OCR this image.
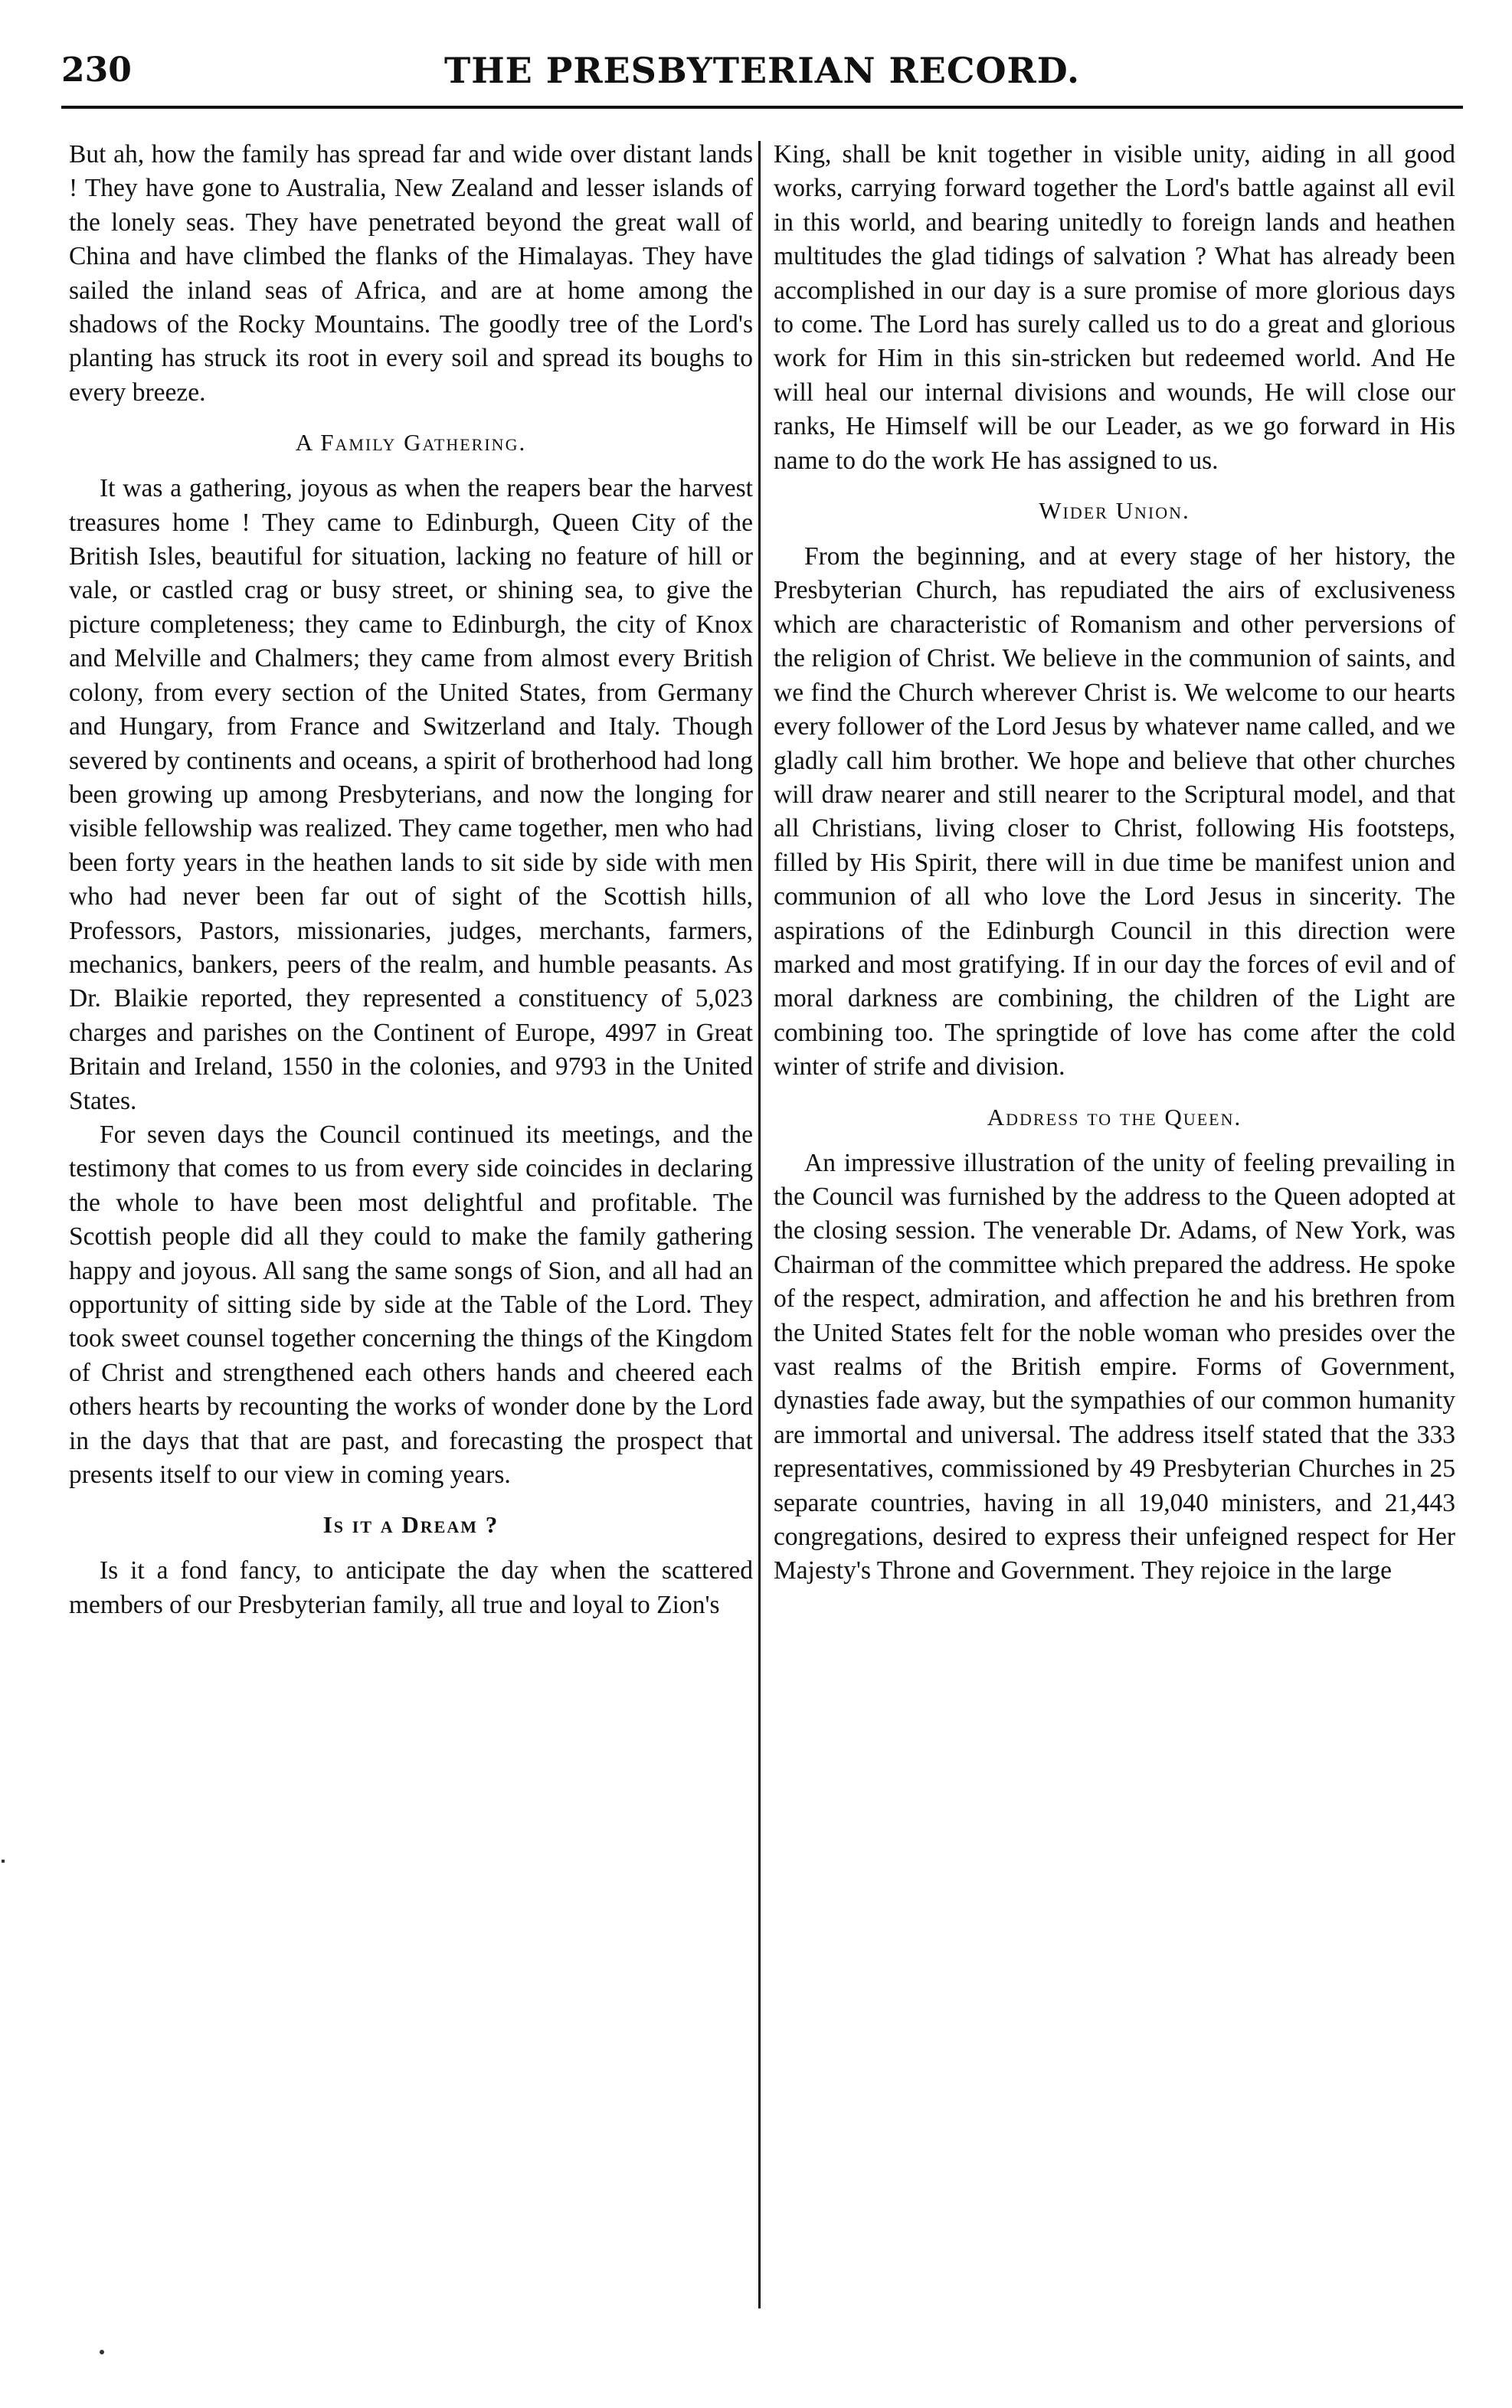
230	THE PRESBYTERIAN RECORD.

But ah, how the family has spread far and wide over distant lands ! They have gone to Australia, New Zealand and lesser islands of the lonely seas. They have penetrated beyond the great wall of China and have climbed the flanks of the Himalayas. They have sailed the inland seas of Africa, and are at home among the shadows of the Rocky Mountains. The goodly tree of the Lord's planting has struck its root in every soil and spread its boughs to every breeze.

A Family Gathering.

It was a gathering, joyous as when the reapers bear the harvest treasures home ! They came to Edinburgh, Queen City of the British Isles, beautiful for situation, lacking no feature of hill or vale, or castled crag or busy street, or shining sea, to give the picture completeness; they came to Edinburgh, the city of Knox and Melville and Chalmers; they came from almost every British colony, from every section of the United States, from Germany and Hungary, from France and Switzerland and Italy. Though severed by continents and oceans, a spirit of brotherhood had long been growing up among Presbyterians, and now the longing for visible fellowship was realized. They came together, men who had been forty years in the heathen lands to sit side by side with men who had never been far out of sight of the Scottish hills, Professors, Pastors, missionaries, judges, merchants, farmers, mechanics, bankers, peers of the realm, and humble peasants. As Dr. Blaikie reported, they represented a constituency of 5,023 charges and parishes on the Continent of Europe, 4997 in Great Britain and Ireland, 1550 in the colonies, and 9793 in the United States.

For seven days the Council continued its meetings, and the testimony that comes to us from every side coincides in declaring the whole to have been most delightful and profitable. The Scottish people did all they could to make the family gathering happy and joyous. All sang the same songs of Sion, and all had an opportunity of sitting side by side at the Table of the Lord. They took sweet counsel together concerning the things of the Kingdom of Christ and strengthened each others hands and cheered each others hearts by recounting the works of wonder done by the Lord in the days that that are past, and forecasting the prospect that presents itself to our view in coming years.

Is it a Dream ?

Is it a fond fancy, to anticipate the day when the scattered members of our Presbyterian family, all true and loyal to Zion's

King, shall be knit together in visible unity, aiding in all good works, carrying forward together the Lord's battle against all evil in this world, and bearing unitedly to foreign lands and heathen multitudes the glad tidings of salvation ? What has already been accomplished in our day is a sure promise of more glorious days to come. The Lord has surely called us to do a great and glorious work for Him in this sin-stricken but redeemed world. And He will heal our internal divisions and wounds, He will close our ranks, He Himself will be our Leader, as we go forward in His name to do the work He has assigned to us.

Wider Union.

From the beginning, and at every stage of her history, the Presbyterian Church, has repudiated the airs of exclusiveness which are characteristic of Romanism and other perversions of the religion of Christ. We believe in the communion of saints, and we find the Church wherever Christ is. We welcome to our hearts every follower of the Lord Jesus by whatever name called, and we gladly call him brother. We hope and believe that other churches will draw nearer and still nearer to the Scriptural model, and that all Christians, living closer to Christ, following His footsteps, filled by His Spirit, there will in due time be manifest union and communion of all who love the Lord Jesus in sincerity. The aspirations of the Edinburgh Council in this direction were marked and most gratifying. If in our day the forces of evil and of moral darkness are combining, the children of the Light are combining too. The springtide of love has come after the cold winter of strife and division.

Address to the Queen.

An impressive illustration of the unity of feeling prevailing in the Council was furnished by the address to the Queen adopted at the closing session. The venerable Dr. Adams, of New York, was Chairman of the committee which prepared the address. He spoke of the respect, admiration, and affection he and his brethren from the United States felt for the noble woman who presides over the vast realms of the British empire. Forms of Government, dynasties fade away, but the sympathies of our common humanity are immortal and universal. The address itself stated that the 333 representatives, commissioned by 49 Presbyterian Churches in 25 separate countries, having in all 19,040 ministers, and 21,443 congregations, desired to express their unfeigned respect for Her Majesty's Throne and Government. They rejoice in the large
